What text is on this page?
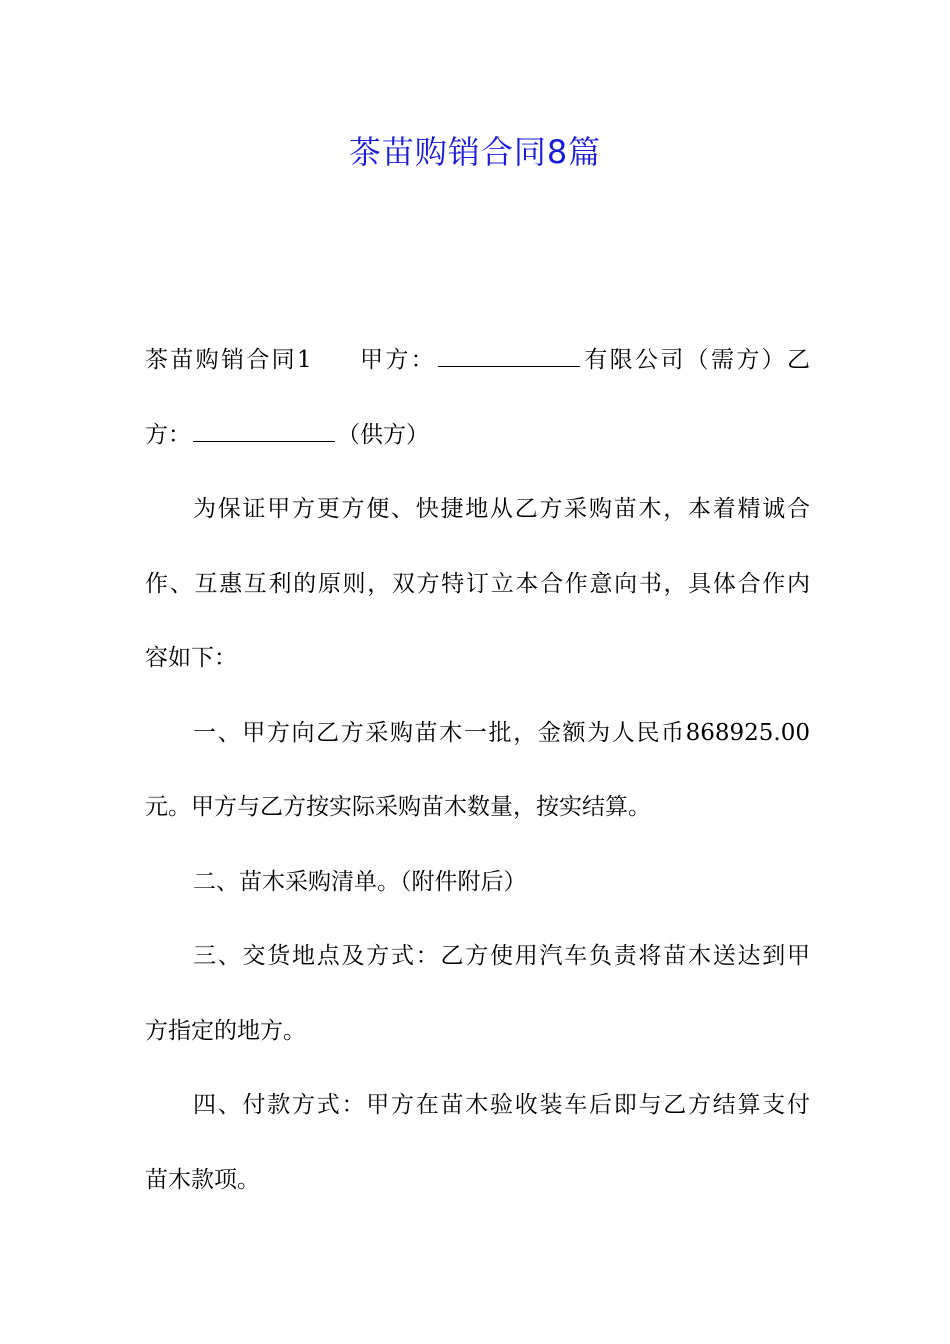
茶苗购销合同8篇
茶苗购销合同1 甲方：	有限公司（需方）乙
方：	（供方）
为保证甲方更方便、快捷地从乙方采购苗木，本着精诚合
作、互惠互利的原则，双方特订立本合作意向书，具体合作内
容如下：
一、甲方向乙方采购苗木一批，金额为人民币868925.00
元。甲方与乙方按实际采购苗木数量，按实结算。
二、苗木采购清单。（附件附后）
三、交货地点及方式：乙方使用汽车负责将苗木送达到甲
方指定的地方。
四、付款方式：甲方在苗木验收装车后即与乙方结算支付
苗木款项。
